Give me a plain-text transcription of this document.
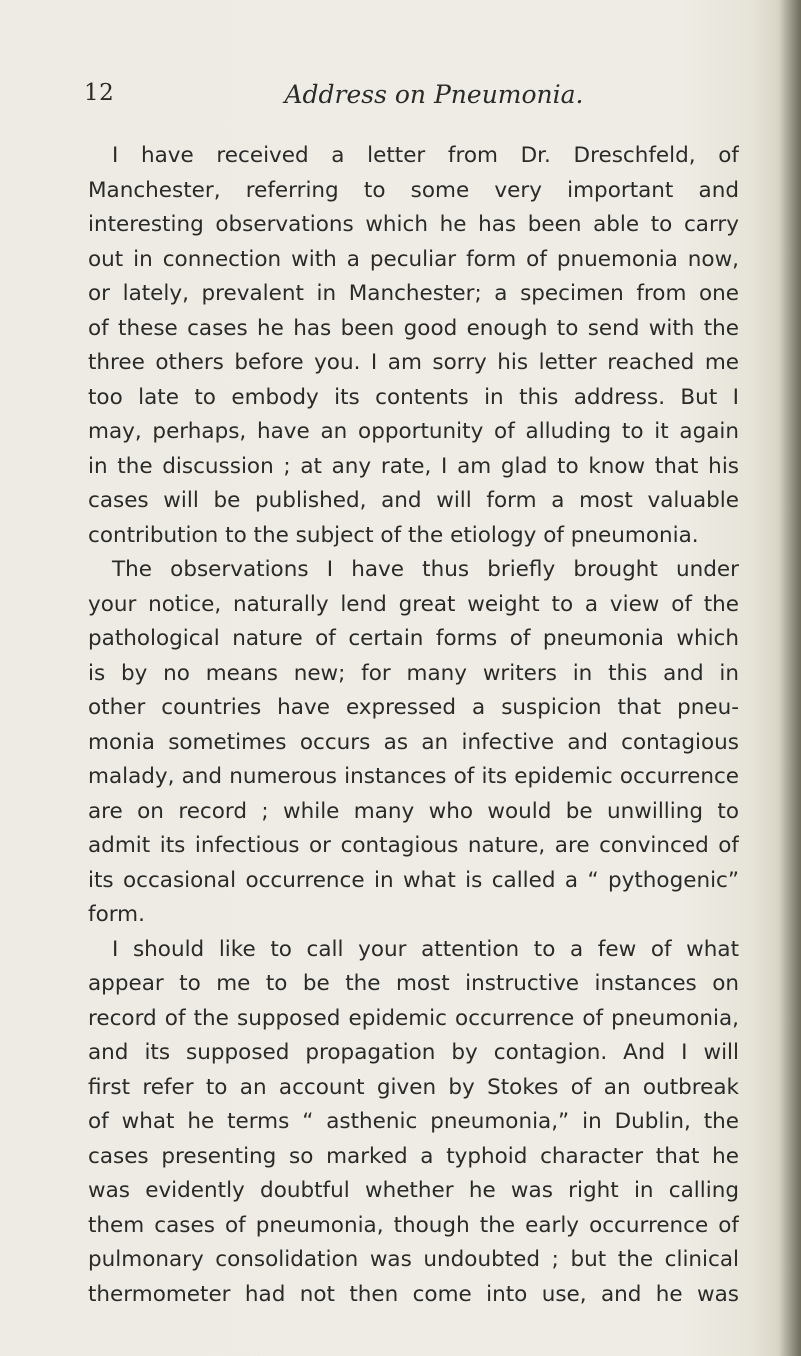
12	Address on Pneumonia.
I have received a letter from Dr. Dreschfeld, of
Manchester, referring to some very important and
interesting observations which he has been able to carry
out in connection with a peculiar form of pnuemonia now,
or lately, prevalent in Manchester; a specimen from one
of these cases he has been good enough to send with the
three others before you. I am sorry his letter reached me
too late to embody its contents in this address. But I
may, perhaps, have an opportunity of alluding to it again
in the discussion ; at any rate, I am glad to know that his
cases will be published, and will form a most valuable
contribution to the subject of the etiology of pneumonia.
The observations I have thus briefly brought under
your notice, naturally lend great weight to a view of the
pathological nature of certain forms of pneumonia which
is by no means new; for many writers in this and in
other countries have expressed a suspicion that pneu-
monia sometimes occurs as an infective and contagious
malady, and numerous instances of its epidemic occurrence
are on record ; while many who would be unwilling to
admit its infectious or contagious nature, are convinced of
its occasional occurrence in what is called a “ pythogenic”
form.
I should like to call your attention to a few of what
appear to me to be the most instructive instances on
record of the supposed epidemic occurrence of pneumonia,
and its supposed propagation by contagion. And I will
first refer to an account given by Stokes of an outbreak
of what he terms “ asthenic pneumonia,” in Dublin, the
cases presenting so marked a typhoid character that he
was evidently doubtful whether he was right in calling
them cases of pneumonia, though the early occurrence of
pulmonary consolidation was undoubted ; but the clinical
thermometer had not then come into use, and he was
